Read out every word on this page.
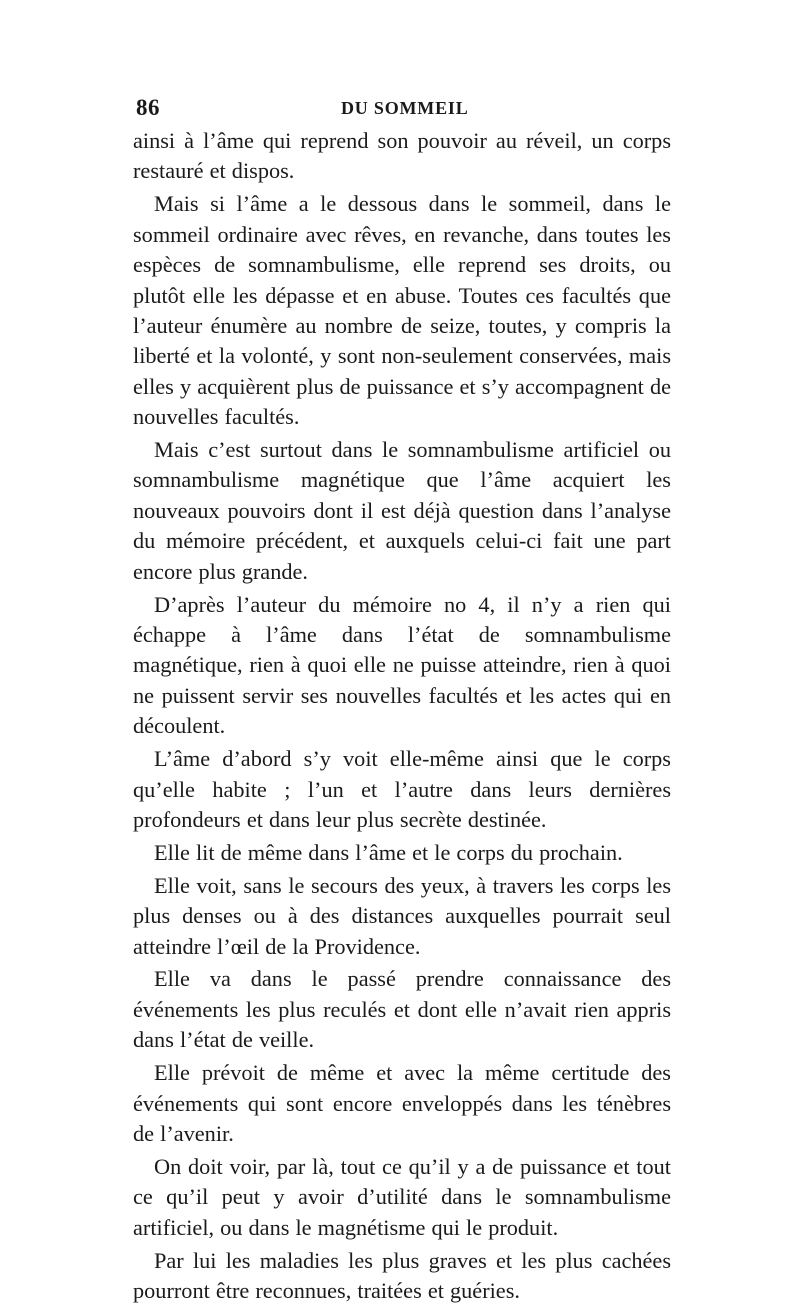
86	DU SOMMEIL

ainsi à l’âme qui reprend son pouvoir au réveil, un corps restauré et dispos.

Mais si l’âme a le dessous dans le sommeil, dans le sommeil ordinaire avec rêves, en revanche, dans toutes les espèces de somnambulisme, elle reprend ses droits, ou plutôt elle les dépasse et en abuse. Toutes ces facultés que l’auteur énumère au nombre de seize, toutes, y compris la liberté et la volonté, y sont non-seulement conservées, mais elles y acquièrent plus de puissance et s’y accompagnent de nouvelles facultés.

Mais c’est surtout dans le somnambulisme artificiel ou somnambulisme magnétique que l’âme acquiert les nouveaux pouvoirs dont il est déjà question dans l’analyse du mémoire précédent, et auxquels celui-ci fait une part encore plus grande.

D’après l’auteur du mémoire no 4, il n’y a rien qui échappe à l’âme dans l’état de somnambulisme magnétique, rien à quoi elle ne puisse atteindre, rien à quoi ne puissent servir ses nouvelles facultés et les actes qui en découlent.

L’âme d’abord s’y voit elle-même ainsi que le corps qu’elle habite ; l’un et l’autre dans leurs dernières profondeurs et dans leur plus secrète destinée.

Elle lit de même dans l’âme et le corps du prochain.

Elle voit, sans le secours des yeux, à travers les corps les plus denses ou à des distances auxquelles pourrait seul atteindre l’œil de la Providence.

Elle va dans le passé prendre connaissance des événements les plus reculés et dont elle n’avait rien appris dans l’état de veille.

Elle prévoit de même et avec la même certitude des événements qui sont encore enveloppés dans les ténèbres de l’avenir.

On doit voir, par là, tout ce qu’il y a de puissance et tout ce qu’il peut y avoir d’utilité dans le somnambulisme artificiel, ou dans le magnétisme qui le produit.

Par lui les maladies les plus graves et les plus cachées pourront être reconnues, traitées et guéries.
